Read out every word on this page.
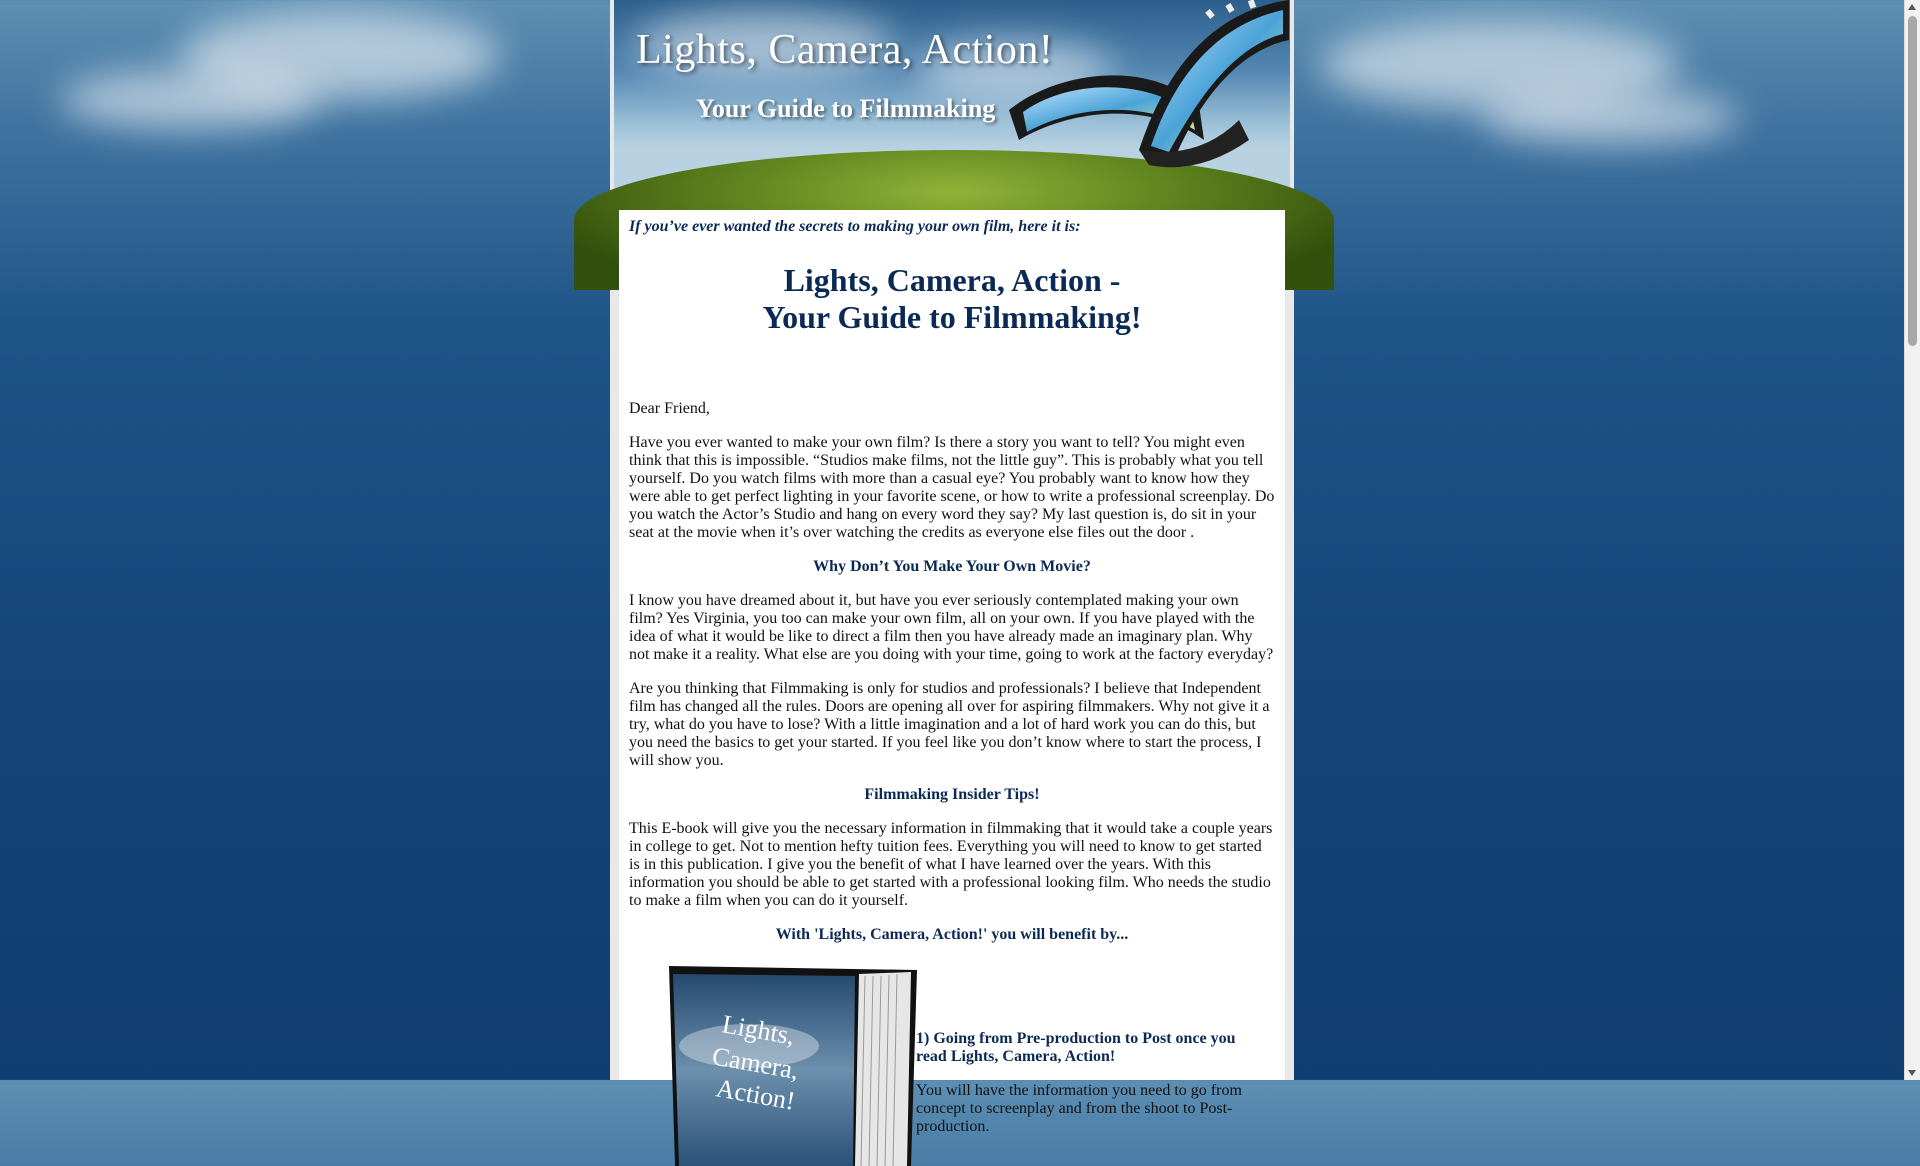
Lights, Camera, Action!
Your Guide to Filmmaking

If you’ve ever wanted the secrets to making your own film, here it is:

Lights, Camera, Action -
Your Guide to Filmmaking!

Dear Friend,

Have you ever wanted to make your own film? Is there a story you want to tell? You might even think that this is impossible. “Studios make films, not the little guy”. This is probably what you tell yourself. Do you watch films with more than a casual eye? You probably want to know how they were able to get perfect lighting in your favorite scene, or how to write a professional screenplay. Do you watch the Actor’s Studio and hang on every word they say? My last question is, do sit in your seat at the movie when it’s over watching the credits as everyone else files out the door .

Why Don’t You Make Your Own Movie?

I know you have dreamed about it, but have you ever seriously contemplated making your own film? Yes Virginia, you too can make your own film, all on your own. If you have played with the idea of what it would be like to direct a film then you have already made an imaginary plan. Why not make it a reality. What else are you doing with your time, going to work at the factory everyday?

Are you thinking that Filmmaking is only for studios and professionals? I believe that Independent film has changed all the rules. Doors are opening all over for aspiring filmmakers. Why not give it a try, what do you have to lose? With a little imagination and a lot of hard work you can do this, but you need the basics to get your started. If you feel like you don’t know where to start the process, I will show you.

Filmmaking Insider Tips!

This E-book will give you the necessary information in filmmaking that it would take a couple years in college to get. Not to mention hefty tuition fees. Everything you will need to know to get started is in this publication. I give you the benefit of what I have learned over the years. With this information you should be able to get started with a professional looking film. Who needs the studio to make a film when you can do it yourself.

With 'Lights, Camera, Action!' you will benefit by...
Lights,
Camera,
Action!

1) Going from Pre-production to Post once you read Lights, Camera, Action!

You will have the information you need to go from concept to screenplay and from the shoot to Post-production.
